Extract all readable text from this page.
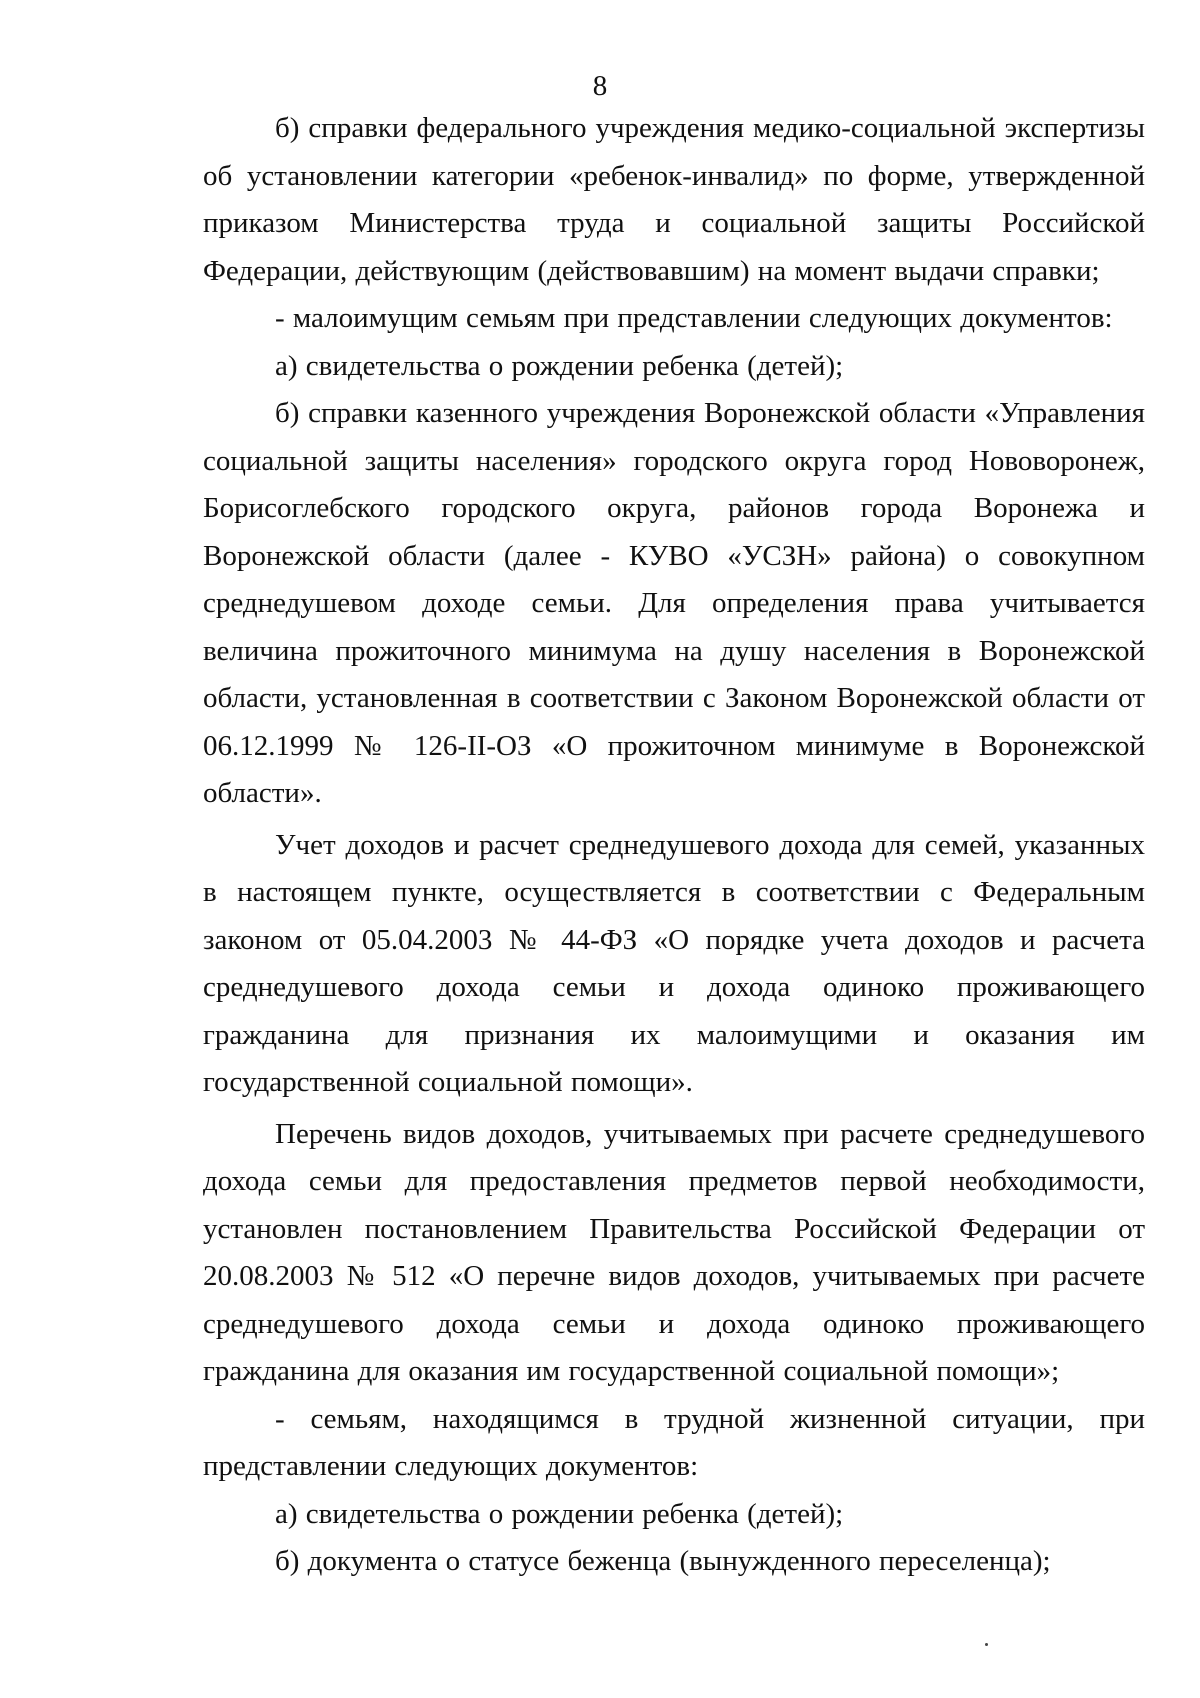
8

б) справки федерального учреждения медико-социальной экспертизы об установлении категории «ребенок-инвалид» по форме, утвержденной приказом Министерства труда и социальной защиты Российской Федерации, действующим (действовавшим) на момент выдачи справки;

- малоимущим семьям при представлении следующих документов:

а) свидетельства о рождении ребенка (детей);

б) справки казенного учреждения Воронежской области «Управления социальной защиты населения» городского округа город Нововоронеж, Борисоглебского городского округа, районов города Воронежа и Воронежской области (далее - КУВО «УСЗН» района) о совокупном среднедушевом доходе семьи. Для определения права учитывается величина прожиточного минимума на душу населения в Воронежской области, установленная в соответствии с Законом Воронежской области от 06.12.1999 № 126-II-ОЗ «О прожиточном минимуме в Воронежской области».

Учет доходов и расчет среднедушевого дохода для семей, указанных в настоящем пункте, осуществляется в соответствии с Федеральным законом от 05.04.2003 № 44-ФЗ «О порядке учета доходов и расчета среднедушевого дохода семьи и дохода одиноко проживающего гражданина для признания их малоимущими и оказания им государственной социальной помощи».

Перечень видов доходов, учитываемых при расчете среднедушевого дохода семьи для предоставления предметов первой необходимости, установлен постановлением Правительства Российской Федерации от 20.08.2003 № 512 «О перечне видов доходов, учитываемых при расчете среднедушевого дохода семьи и дохода одиноко проживающего гражданина для оказания им государственной социальной помощи»;

- семьям, находящимся в трудной жизненной ситуации, при представлении следующих документов:

а) свидетельства о рождении ребенка (детей);

б) документа о статусе беженца (вынужденного переселенца);
